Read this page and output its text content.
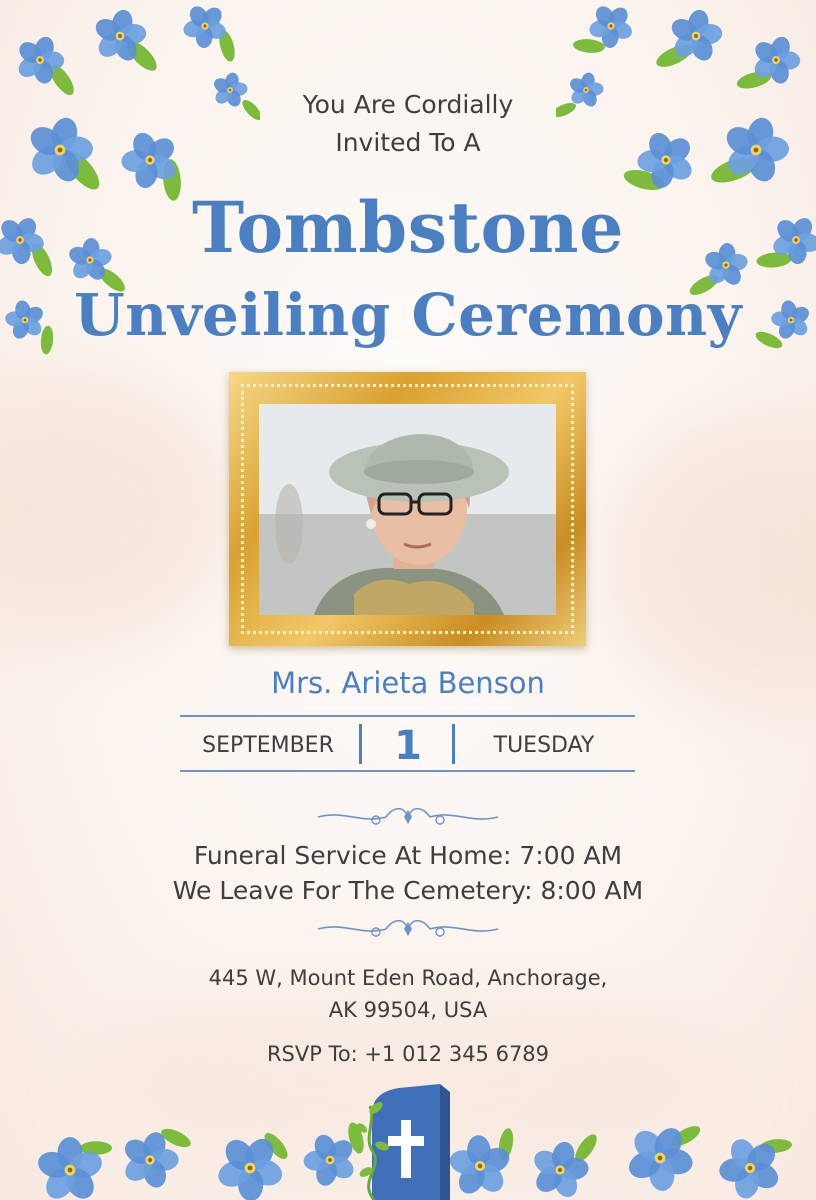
You Are Cordially
Invited To A
Tombstone
Unveiling Ceremony
Mrs. Arieta Benson
SEPTEMBER	1	TUESDAY
Funeral Service At Home: 7:00 AM
We Leave For The Cemetery: 8:00 AM
445 W, Mount Eden Road, Anchorage,
AK 99504, USA
RSVP To: +1 012 345 6789
